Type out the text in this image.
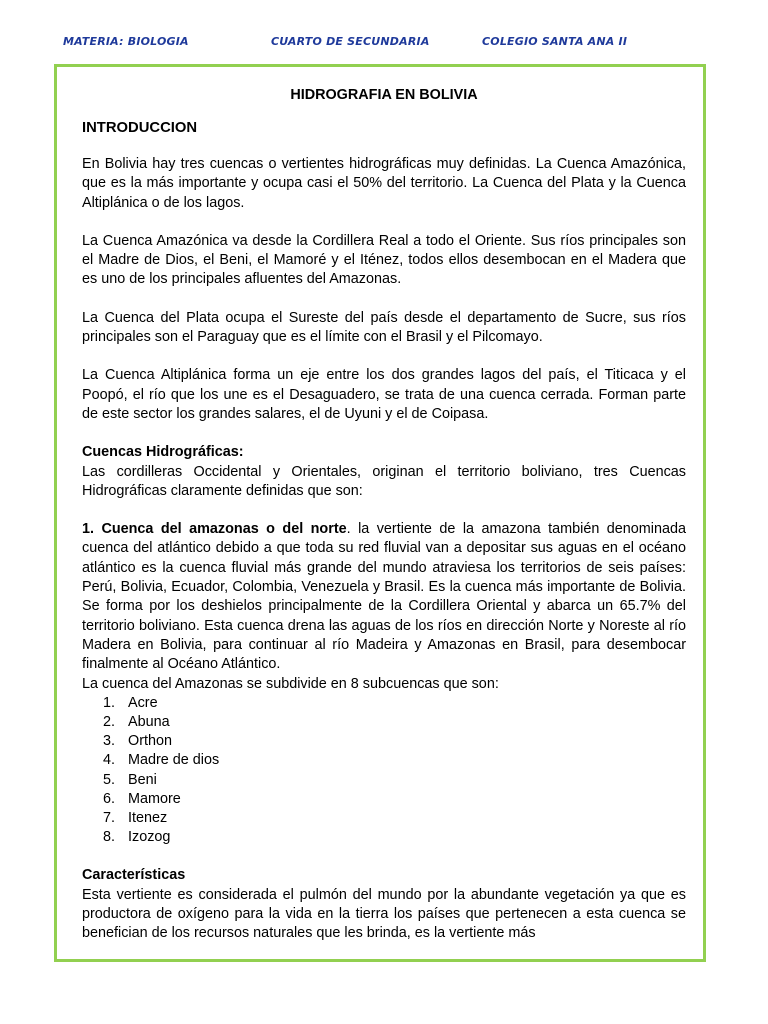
MATERIA: BIOLOGIA	CUARTO DE SECUNDARIA	COLEGIO SANTA ANA II
HIDROGRAFIA EN BOLIVIA
INTRODUCCION

En Bolivia hay tres cuencas o vertientes hidrográficas muy definidas. La Cuenca Amazónica, que es la más importante y ocupa casi el 50% del territorio. La Cuenca del Plata y la Cuenca Altiplánica o de los lagos.

La Cuenca Amazónica va desde la Cordillera Real a todo el Oriente. Sus ríos principales son el Madre de Dios, el Beni, el Mamoré y el Iténez, todos ellos desembocan en el Madera que es uno de los principales afluentes del Amazonas.

La Cuenca del Plata ocupa el Sureste del país desde el departamento de Sucre, sus ríos principales son el Paraguay que es el límite con el Brasil y el Pilcomayo.

La Cuenca Altiplánica forma un eje entre los dos grandes lagos del país, el Titicaca y el Poopó, el río que los une es el Desaguadero, se trata de una cuenca cerrada. Forman parte de este sector los grandes salares, el de Uyuni y el de Coipasa.

Cuencas Hidrográficas:

Las cordilleras Occidental y Orientales, originan el territorio boliviano, tres Cuencas Hidrográficas claramente definidas que son:

1. Cuenca del amazonas o del norte. la vertiente de la amazona también denominada cuenca del atlántico debido a que toda su red fluvial van a depositar sus aguas en el océano atlántico es la cuenca fluvial más grande del mundo atraviesa los territorios de seis países: Perú, Bolivia, Ecuador, Colombia, Venezuela y Brasil. Es la cuenca más importante de Bolivia. Se forma por los deshielos principalmente de la Cordillera Oriental y abarca un 65.7% del territorio boliviano. Esta cuenca drena las aguas de los ríos en dirección Norte y Noreste al río Madera en Bolivia, para continuar al río Madeira y Amazonas en Brasil, para desembocar finalmente al Océano Atlántico.

La cuenca del Amazonas se subdivide en 8 subcuencas que son:

1. Acre
2. Abuna
3. Orthon
4. Madre de dios
5. Beni
6. Mamore
7. Itenez
8. Izozog
Características

Esta vertiente es considerada el pulmón del mundo por la abundante vegetación ya que es productora de oxígeno para la vida en la tierra los países que pertenecen a esta cuenca se benefician de los recursos naturales que les brinda, es la vertiente más
